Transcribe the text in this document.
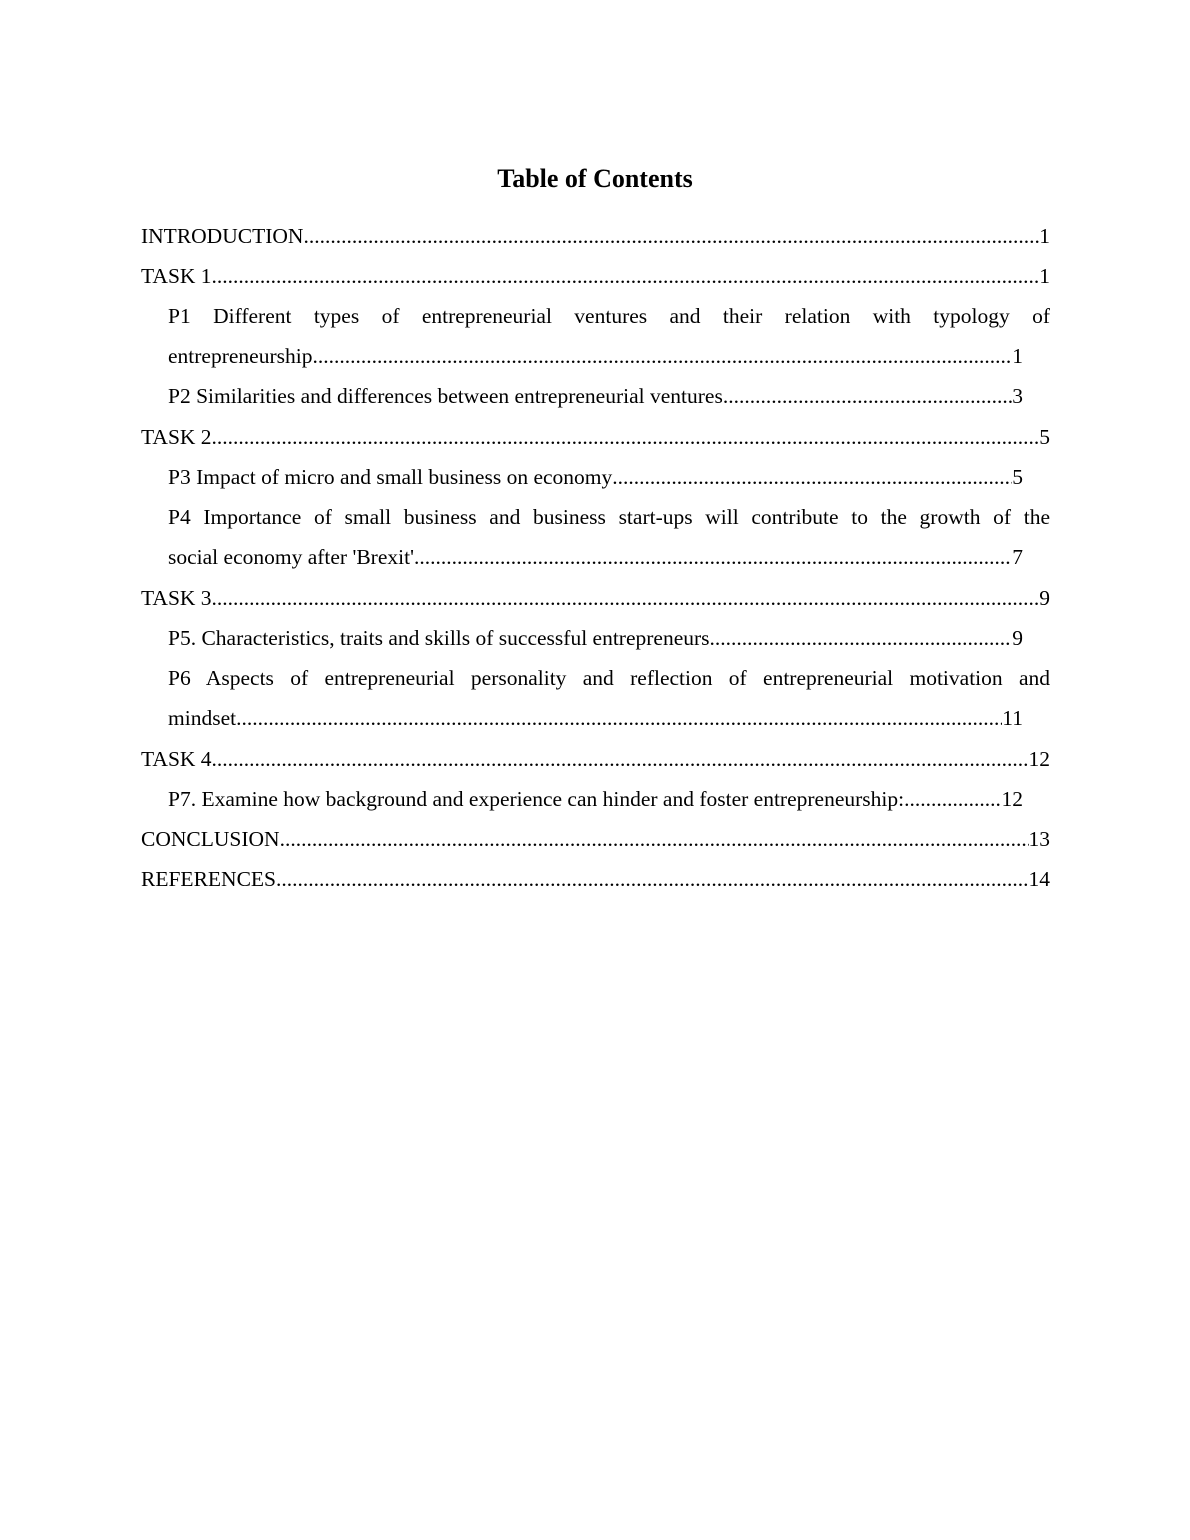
Table of Contents
INTRODUCTION .....	1
TASK 1 .....	1
P1 Different types of entrepreneurial ventures and their relation with typology of
entrepreneurship .....	1
P2 Similarities and differences between entrepreneurial ventures .....	3
TASK 2 .....	5
P3 Impact of micro and small business on economy .....	5
P4 Importance of small business and business start-ups will contribute to the growth of the
social economy after 'Brexit' .....	7
TASK 3 .....	9
P5. Characteristics, traits and skills of successful entrepreneurs .....	9
P6 Aspects of entrepreneurial personality and reflection of entrepreneurial motivation and
mindset .....	11
TASK 4 .....	12
P7. Examine how background and experience can hinder and foster entrepreneurship: .....	12
CONCLUSION .....	13
REFERENCES .....	14
